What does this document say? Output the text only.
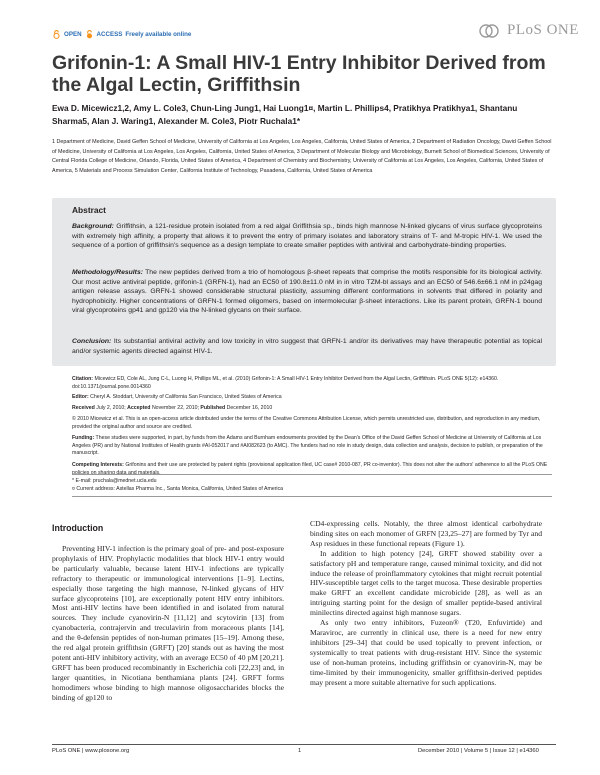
OPEN ACCESS Freely available online	PLoS ONE
Grifonin-1: A Small HIV-1 Entry Inhibitor Derived from the Algal Lectin, Griffithsin
Ewa D. Micewicz1,2, Amy L. Cole3, Chun-Ling Jung1, Hai Luong1¤, Martin L. Phillips4, Pratikhya Pratikhya1, Shantanu Sharma5, Alan J. Waring1, Alexander M. Cole3, Piotr Ruchala1*
1 Department of Medicine, David Geffen School of Medicine, University of California at Los Angeles, Los Angeles, California, United States of America, 2 Department of Radiation Oncology, David Geffen School of Medicine, University of California at Los Angeles, Los Angeles, California, United States of America, 3 Department of Molecular Biology and Microbiology, Burnett School of Biomedical Sciences, University of Central Florida College of Medicine, Orlando, Florida, United States of America, 4 Department of Chemistry and Biochemistry, University of California at Los Angeles, Los Angeles, California, United States of America, 5 Materials and Process Simulation Center, California Institute of Technology, Pasadena, California, United States of America
Abstract
Background: Griffithsin, a 121-residue protein isolated from a red algal Griffithsia sp., binds high mannose N-linked glycans of virus surface glycoproteins with extremely high affinity, a property that allows it to prevent the entry of primary isolates and laboratory strains of T- and M-tropic HIV-1. We used the sequence of a portion of griffithsin's sequence as a design template to create smaller peptides with antiviral and carbohydrate-binding properties.
Methodology/Results: The new peptides derived from a trio of homologous β-sheet repeats that comprise the motifs responsible for its biological activity. Our most active antiviral peptide, grifonin-1 (GRFN-1), had an EC50 of 190.8±11.0 nM in in vitro TZM-bl assays and an EC50 of 546.6±66.1 nM in p24gag antigen release assays. GRFN-1 showed considerable structural plasticity, assuming different conformations in solvents that differed in polarity and hydrophobicity. Higher concentrations of GRFN-1 formed oligomers, based on intermolecular β-sheet interactions. Like its parent protein, GRFN-1 bound viral glycoproteins gp41 and gp120 via the N-linked glycans on their surface.
Conclusion: Its substantial antiviral activity and low toxicity in vitro suggest that GRFN-1 and/or its derivatives may have therapeutic potential as topical and/or systemic agents directed against HIV-1.
Citation: Micewicz ED, Cole AL, Jung C-L, Luong H, Phillips ML, et al. (2010) Grifonin-1: A Small HIV-1 Entry Inhibitor Derived from the Algal Lectin, Griffithsin. PLoS ONE 5(12): e14360. doi:10.1371/journal.pone.0014360
Editor: Cheryl A. Stoddart, University of California San Francisco, United States of America
Received July 2, 2010; Accepted November 22, 2010; Published December 16, 2010
© 2010 Micewicz et al. This is an open-access article distributed under the terms of the Creative Commons Attribution License, which permits unrestricted use, distribution, and reproduction in any medium, provided the original author and source are credited.
Funding: These studies were supported, in part, by funds from the Adams and Burnham endowments provided by the Dean's Office of the David Geffen School of Medicine at University of California at Los Angeles (PR) and by National Institutes of Health grants #AI-052017 and #AI082623 (to AMC). The funders had no role in study design, data collection and analysis, decision to publish, or preparation of the manuscript.
Competing Interests: Grifonins and their use are protected by patent rights (provisional application filed, UC case# 2010-087, PR co-inventor). This does not alter the authors' adherence to all the PLoS ONE policies on sharing data and materials.
* E-mail: pruchala@mednet.ucla.edu
¤ Current address: Astellas Pharma Inc., Santa Monica, California, United States of America
Introduction

Preventing HIV-1 infection is the primary goal of pre- and post-exposure prophylaxis of HIV. Prophylactic modalities that block HIV-1 entry would be particularly valuable, because latent HIV-1 infections are typically refractory to therapeutic or immunological interventions [1–9]. Lectins, especially those targeting the high mannose, N-linked glycans of HIV surface glycoproteins [10], are exceptionally potent HIV entry inhibitors. Most anti-HIV lectins have been identified in and isolated from natural sources. They include cyanovirin-N [11,12] and scytovirin [13] from cyanobacteria, contrajervin and treculavirin from moraceous plants [14], and the θ-defensin peptides of non-human primates [15–19]. Among these, the red algal protein griffithsin (GRFT) [20] stands out as having the most potent anti-HIV inhibitory activity, with an average EC50 of 40 pM [20,21]. GRFT has been produced recombinantly in Escherichia coli [22,23] and, in larger quantities, in Nicotiana benthamiana plants [24]. GRFT forms homodimers whose binding to high mannose oligosaccharides blocks the binding of gp120 to

CD4-expressing cells. Notably, the three almost identical carbohydrate binding sites on each monomer of GRFN [23,25–27] are formed by Tyr and Asp residues in these functional repeats (Figure 1).

In addition to high potency [24], GRFT showed stability over a satisfactory pH and temperature range, caused minimal toxicity, and did not induce the release of proinflammatory cytokines that might recruit potential HIV-susceptible target cells to the target mucosa. These desirable properties make GRFT an excellent candidate microbicide [28], as well as an intriguing starting point for the design of smaller peptide-based antiviral minilectins directed against high mannose sugars.

As only two entry inhibitors, Fuzeon® (T20, Enfuvirtide) and Maraviroc, are currently in clinical use, there is a need for new entry inhibitors [29–34] that could be used topically to prevent infection, or systemically to treat patients with drug-resistant HIV. Since the systemic use of non-human proteins, including griffithsin or cyanovirin-N, may be time-limited by their immunogenicity, smaller griffithsin-derived peptides may present a more suitable alternative for such applications.

PLoS ONE | www.plosone.org	1	December 2010 | Volume 5 | Issue 12 | e14360
